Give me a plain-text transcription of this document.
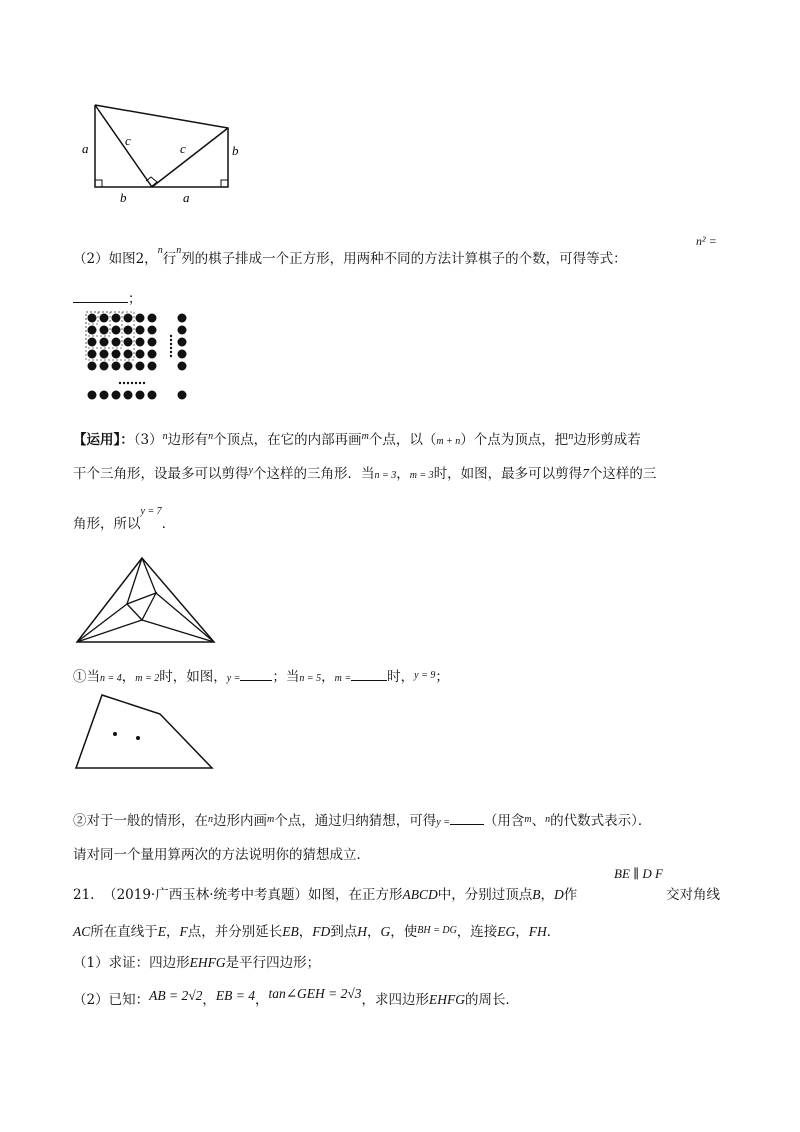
a
c
c	b
b	a
（2）如图2，$^n$行$^n$列的棋子排成一个正方形，用两种不同的方法计算棋子的个数，可得等式：
n² =
；
【运用】：$(3)^n$边形有$^n$个顶点，在它的内部再画$^m$个点，以（m + n）个点为顶点，把$^n$边形剪成若
干个三角形，设最多可以剪得$^y$个这样的三角形．当n = 3，m = 3时，如图，最多可以剪得7个这样的三
角形，所以$^{y = 7}$．
①当n = 4，m = 2时，如图，y = ；当n = 5，m =	时，$^{y = 9}$；
②对于一般的情形，在$^n$边形内画$^m$个点，通过归纳猜想，可得y =	（用含$^m$、$^n$的代数式表示）．
请对同一个量用算两次的方法说明你的猜想成立．
21. （2019·广西玉林·统考中考真题）如图，在正方形ABCD中，分别过顶点B，D作
BE ∥ D F
交对角线
AC所在直线于E，F点，并分别延长EB，FD到点H，G，使$^{BH = DG}$，连接EG，FH．
（1）求证：四边形EHFG是平行四边形；
（2）已知：AB = 2√2，EB = 4，tan∠GEH = 2√3，求四边形EHFG的周长．
